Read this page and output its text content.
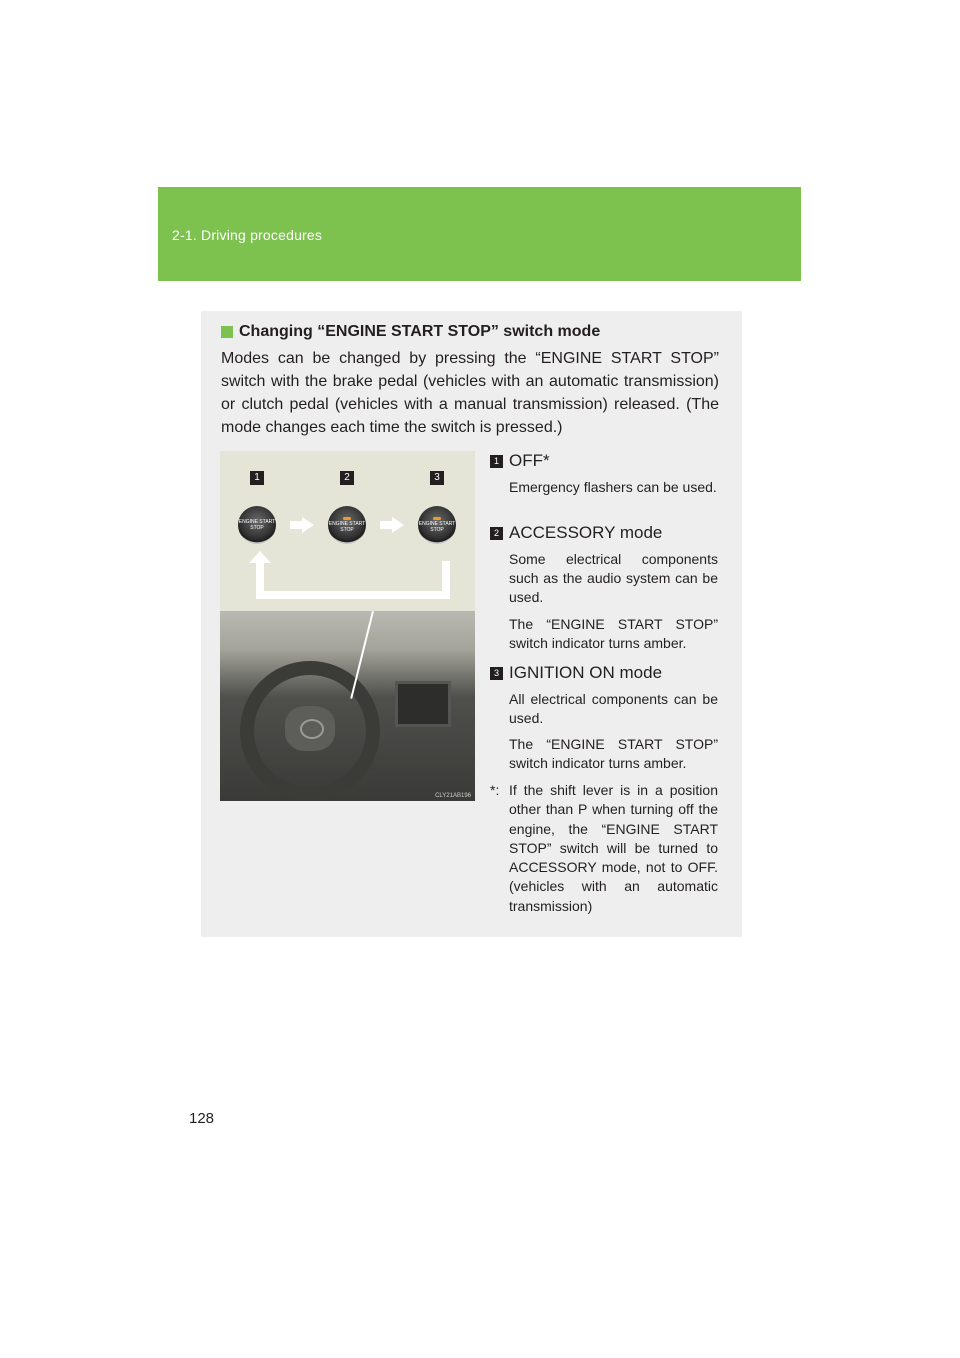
2-1. Driving procedures
Changing “ENGINE START STOP” switch mode
Modes can be changed by pressing the “ENGINE START STOP” switch with the brake pedal (vehicles with an automatic transmission) or clutch pedal (vehicles with a manual transmission) released. (The mode changes each time the switch is pressed.)
1	2	3
ENGINE START STOP
ENGINE START STOP
ENGINE START STOP
CLY21AB196
1 OFF*
Emergency flashers can be used.
2 ACCESSORY mode
Some electrical components such as the audio system can be used.
The “ENGINE START STOP” switch indicator turns amber.
3 IGNITION ON mode
All electrical components can be used.
The “ENGINE START STOP” switch indicator turns amber.
*: If the shift lever is in a position other than P when turning off the engine, the “ENGINE START STOP” switch will be turned to ACCESSORY mode, not to OFF. (vehicles with an automatic transmission)
128
